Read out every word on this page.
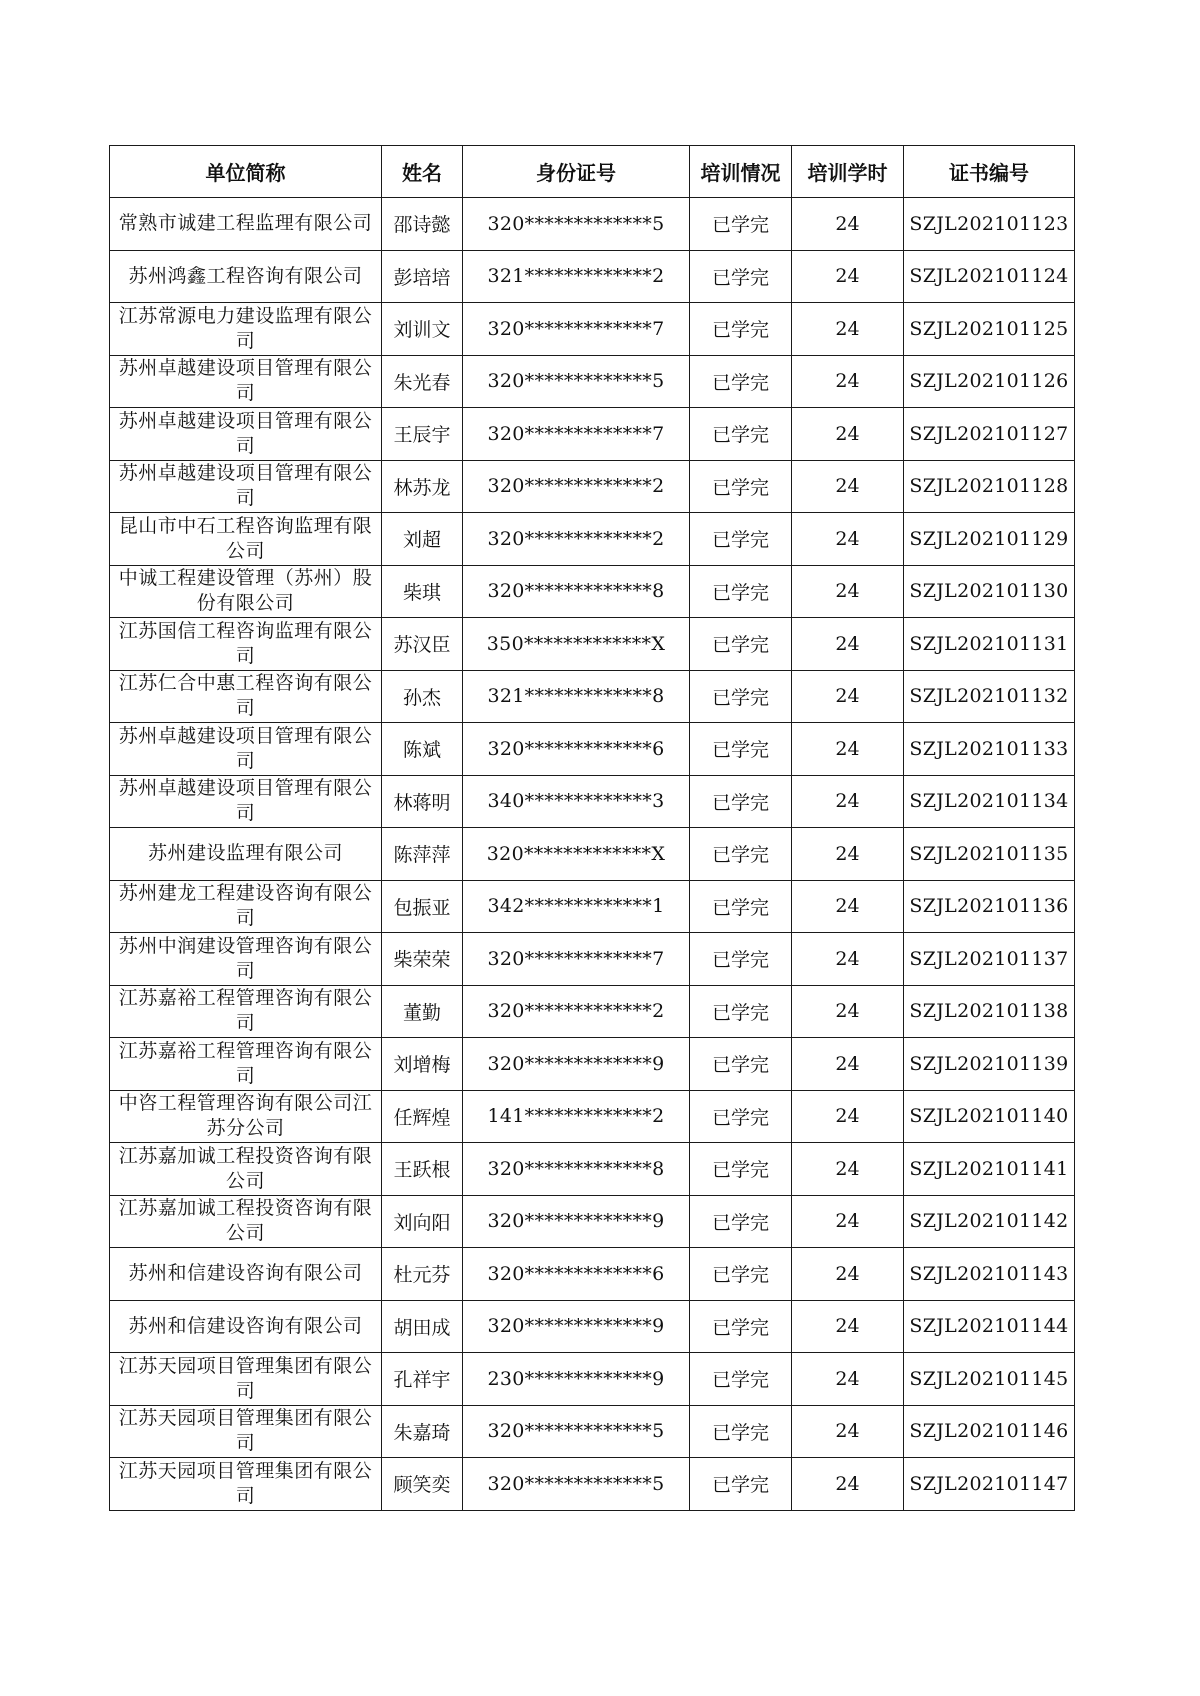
单位简称	姓名	身份证号	培训情况	培训学时	证书编号
常熟市诚建工程监理有限公司	邵诗懿	320*************5	已学完	24	SZJL202101123
苏州鸿鑫工程咨询有限公司	彭培培	321*************2	已学完	24	SZJL202101124
江苏常源电力建设监理有限公司	刘训文	320*************7	已学完	24	SZJL202101125
苏州卓越建设项目管理有限公司	朱光春	320*************5	已学完	24	SZJL202101126
苏州卓越建设项目管理有限公司	王辰宇	320*************7	已学完	24	SZJL202101127
苏州卓越建设项目管理有限公司	林苏龙	320*************2	已学完	24	SZJL202101128
昆山市中石工程咨询监理有限公司	刘超	320*************2	已学完	24	SZJL202101129
中诚工程建设管理（苏州）股份有限公司	柴琪	320*************8	已学完	24	SZJL202101130
江苏国信工程咨询监理有限公司	苏汉臣	350*************X	已学完	24	SZJL202101131
江苏仁合中惠工程咨询有限公司	孙杰	321*************8	已学完	24	SZJL202101132
苏州卓越建设项目管理有限公司	陈斌	320*************6	已学完	24	SZJL202101133
苏州卓越建设项目管理有限公司	林蒋明	340*************3	已学完	24	SZJL202101134
苏州建设监理有限公司	陈萍萍	320*************X	已学完	24	SZJL202101135
苏州建龙工程建设咨询有限公司	包振亚	342*************1	已学完	24	SZJL202101136
苏州中润建设管理咨询有限公司	柴荣荣	320*************7	已学完	24	SZJL202101137
江苏嘉裕工程管理咨询有限公司	董勤	320*************2	已学完	24	SZJL202101138
江苏嘉裕工程管理咨询有限公司	刘增梅	320*************9	已学完	24	SZJL202101139
中咨工程管理咨询有限公司江苏分公司	任辉煌	141*************2	已学完	24	SZJL202101140
江苏嘉加诚工程投资咨询有限公司	王跃根	320*************8	已学完	24	SZJL202101141
江苏嘉加诚工程投资咨询有限公司	刘向阳	320*************9	已学完	24	SZJL202101142
苏州和信建设咨询有限公司	杜元芬	320*************6	已学完	24	SZJL202101143
苏州和信建设咨询有限公司	胡田成	320*************9	已学完	24	SZJL202101144
江苏天园项目管理集团有限公司	孔祥宇	230*************9	已学完	24	SZJL202101145
江苏天园项目管理集团有限公司	朱嘉琦	320*************5	已学完	24	SZJL202101146
江苏天园项目管理集团有限公司	顾笑奕	320*************5	已学完	24	SZJL202101147
